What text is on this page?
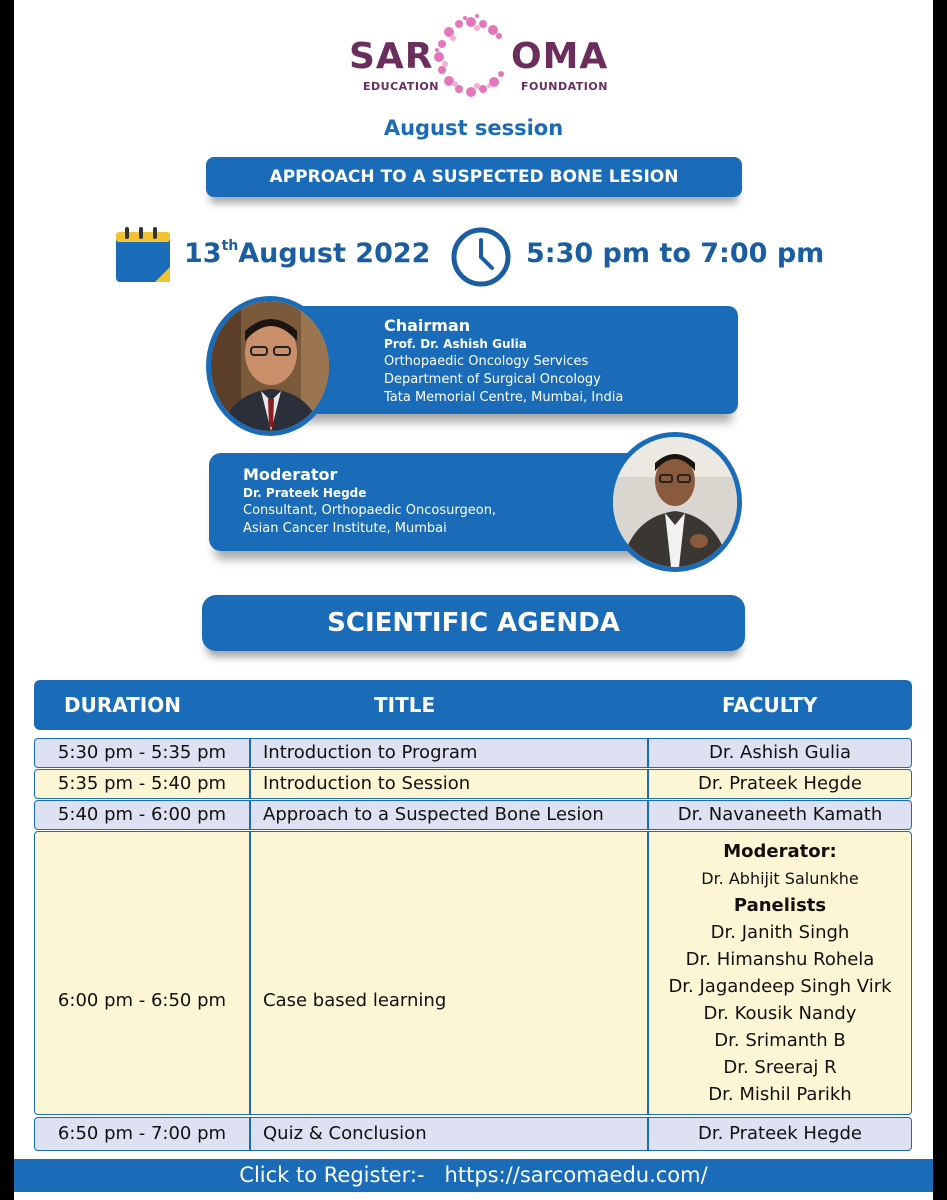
SAR OMA
EDUCATION	FOUNDATION
August session
APPROACH TO A SUSPECTED BONE LESION
13thAugust 2022	5:30 pm to 7:00 pm
Chairman
Prof. Dr. Ashish Gulia
Orthopaedic Oncology Services
Department of Surgical Oncology
Tata Memorial Centre, Mumbai, India
Moderator
Dr. Prateek Hegde
Consultant, Orthopaedic Oncosurgeon,
Asian Cancer Institute, Mumbai
SCIENTIFIC AGENDA
DURATION	TITLE	FACULTY
5:30 pm - 5:35 pm	Introduction to Program	Dr. Ashish Gulia
5:35 pm - 5:40 pm	Introduction to Session	Dr. Prateek Hegde
5:40 pm - 6:00 pm	Approach to a Suspected Bone Lesion	Dr. Navaneeth Kamath
6:00 pm - 6:50 pm	Case based learning
Moderator:
Dr. Abhijit Salunkhe
Panelists
Dr. Janith Singh
Dr. Himanshu Rohela
Dr. Jagandeep Singh Virk
Dr. Kousik Nandy
Dr. Srimanth B
Dr. Sreeraj R
Dr. Mishil Parikh
6:50 pm - 7:00 pm	Quiz & Conclusion	Dr. Prateek Hegde
Click to Register:- https://sarcomaedu.com/
